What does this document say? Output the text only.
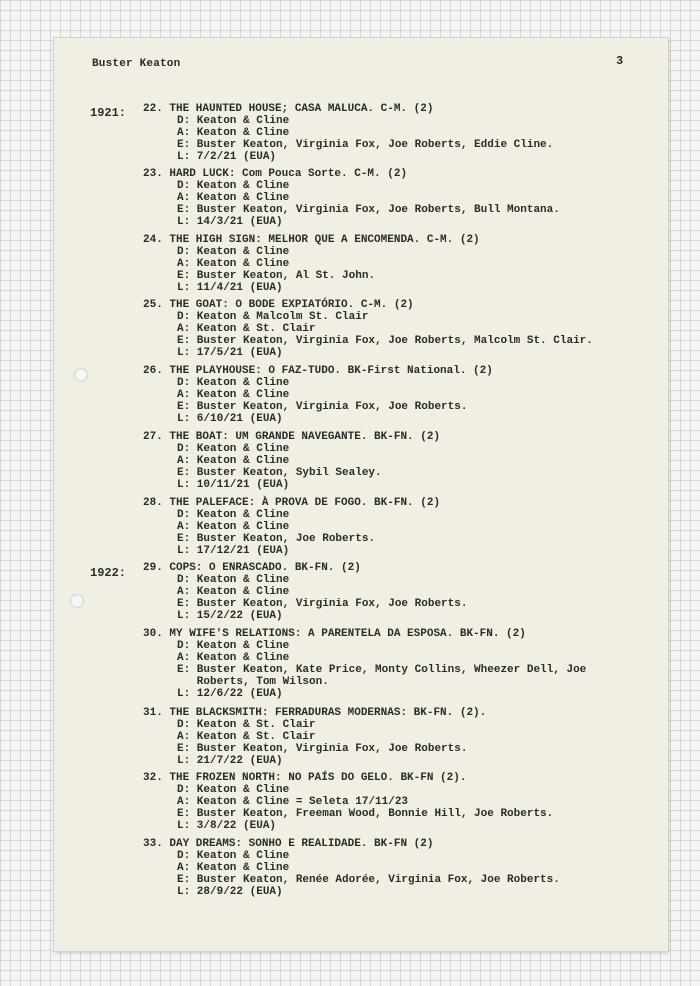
Buster Keaton	3
1921:
1922:
22. THE HAUNTED HOUSE; CASA MALUCA. C-M. (2)
D: Keaton & Cline
A: Keaton & Cline
E: Buster Keaton, Virginia Fox, Joe Roberts, Eddie Cline.
L: 7/2/21 (EUA)
23. HARD LUCK: Com Pouca Sorte. C-M. (2)
D: Keaton & Cline
A: Keaton & Cline
E: Buster Keaton, Virginia Fox, Joe Roberts, Bull Montana.
L: 14/3/21 (EUA)
24. THE HIGH SIGN: MELHOR QUE A ENCOMENDA. C-M. (2)
D: Keaton & Cline
A: Keaton & Cline
E: Buster Keaton, Al St. John.
L: 11/4/21 (EUA)
25. THE GOAT: O BODE EXPIATÓRIO. C-M. (2)
D: Keaton & Malcolm St. Clair
A: Keaton & St. Clair
E: Buster Keaton, Virginia Fox, Joe Roberts, Malcolm St. Clair.
L: 17/5/21 (EUA)
26. THE PLAYHOUSE: O FAZ-TUDO. BK-First National. (2)
D: Keaton & Cline
A: Keaton & Cline
E: Buster Keaton, Virginia Fox, Joe Roberts.
L: 6/10/21 (EUA)
27. THE BOAT: UM GRANDE NAVEGANTE. BK-FN. (2)
D: Keaton & Cline
A: Keaton & Cline
E: Buster Keaton, Sybil Sealey.
L: 10/11/21 (EUA)
28. THE PALEFACE: À PROVA DE FOGO. BK-FN. (2)
D: Keaton & Cline
A: Keaton & Cline
E: Buster Keaton, Joe Roberts.
L: 17/12/21 (EUA)
29. COPS: O ENRASCADO. BK-FN. (2)
D: Keaton & Cline
A: Keaton & Cline
E: Buster Keaton, Virginia Fox, Joe Roberts.
L: 15/2/22 (EUA)
30. MY WIFE'S RELATIONS: A PARENTELA DA ESPOSA. BK-FN. (2)
D: Keaton & Cline
A: Keaton & Cline
E: Buster Keaton, Kate Price, Monty Collins, Wheezer Dell, Joe
Roberts, Tom Wilson.
L: 12/6/22 (EUA)
31. THE BLACKSMITH: FERRADURAS MODERNAS: BK-FN. (2).
D: Keaton & St. Clair
A: Keaton & St. Clair
E: Buster Keaton, Virginia Fox, Joe Roberts.
L: 21/7/22 (EUA)
32. THE FROZEN NORTH: NO PAÍS DO GELO. BK-FN (2).
D: Keaton & Cline
A: Keaton & Cline = Seleta 17/11/23
E: Buster Keaton, Freeman Wood, Bonnie Hill, Joe Roberts.
L: 3/8/22 (EUA)
33. DAY DREAMS: SONHO E REALIDADE. BK-FN (2)
D: Keaton & Cline
A: Keaton & Cline
E: Buster Keaton, Renée Adorée, Virginia Fox, Joe Roberts.
L: 28/9/22 (EUA)
